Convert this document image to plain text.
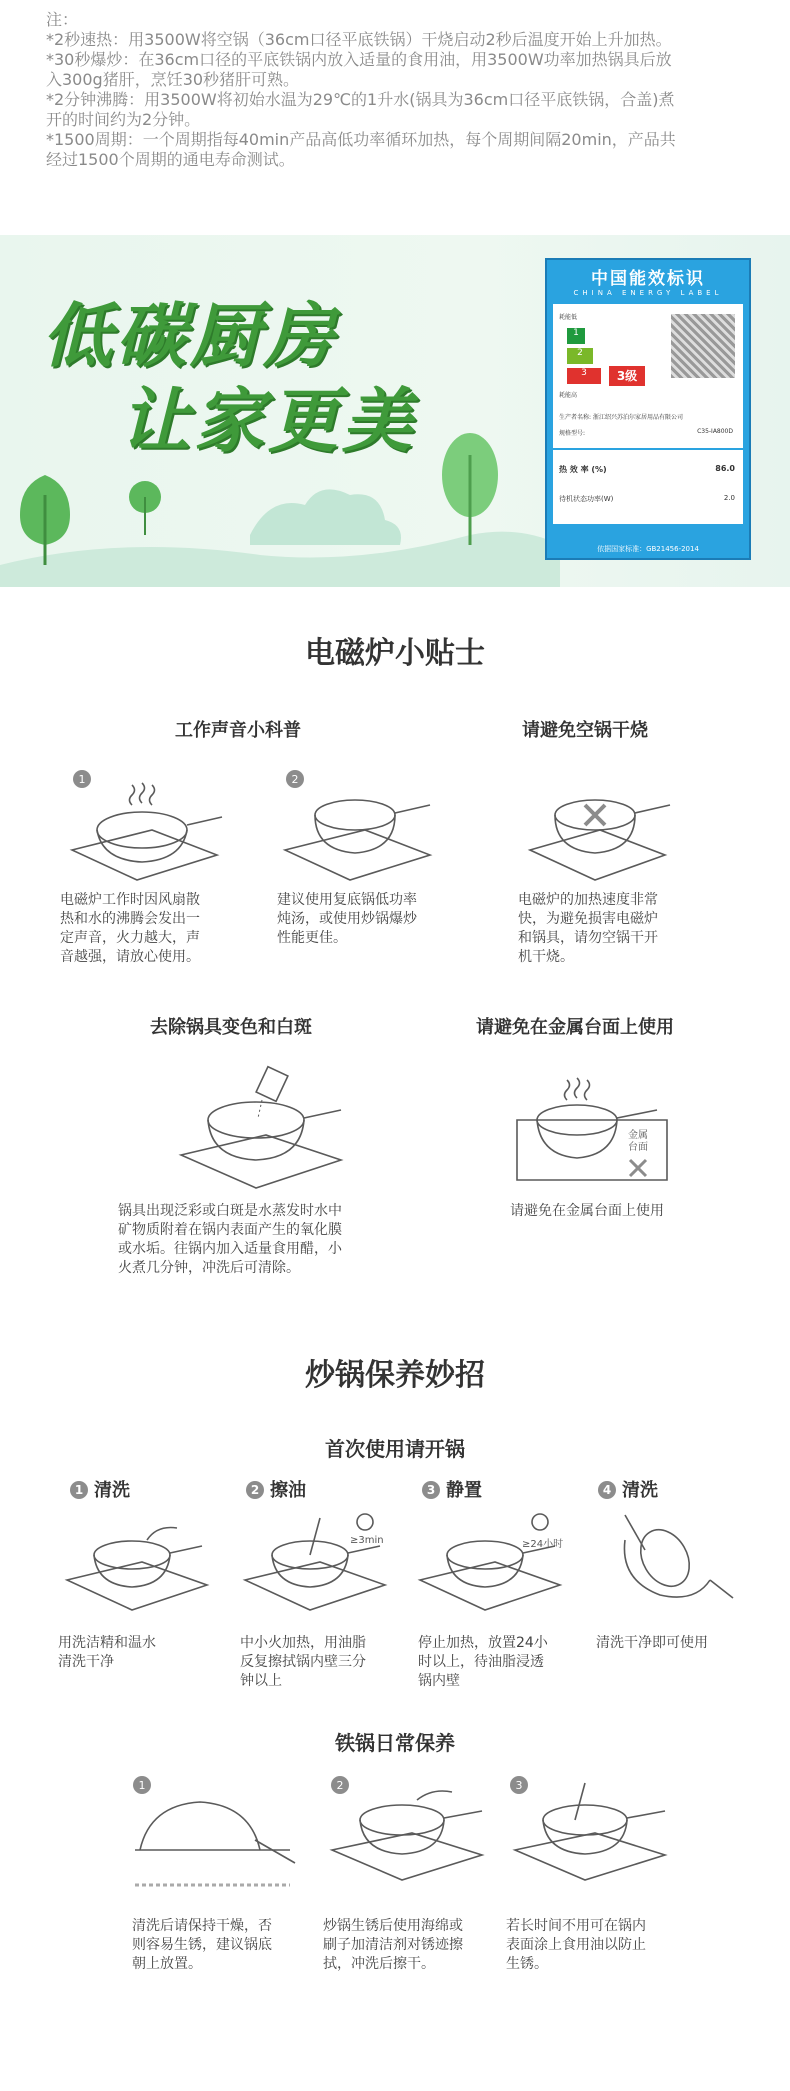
注：

*2秒速热：用3500W将空锅（36cm口径平底铁锅）干烧启动2秒后温度开始上升加热。

*30秒爆炒：在36cm口径的平底铁锅内放入适量的食用油，用3500W功率加热锅具后放

入300g猪肝，烹饪30秒猪肝可熟。

*2分钟沸腾：用3500W将初始水温为29℃的1升水(锅具为36cm口径平底铁锅，合盖)煮

开的时间约为2分钟。

*1500周期：一个周期指每40min产品高低功率循环加热，每个周期间隔20min，产品共

经过1500个周期的通电寿命测试。

低碳厨房
让家更美
中国能效标识
CHINA ENERGY LABEL
耗能低
1
2
3	3级
耗能高
生产者名称: 浙江绍兴苏泊尔家居用品有限公司
规格型号:	C35-IA800D
热 效 率 (%)	86.0
待机状态功率(W)	2.0
依据国家标准：GB21456-2014
电磁炉小贴士
工作声音小科普	请避免空锅干烧
1	2
电磁炉工作时因风扇散
热和水的沸腾会发出一
定声音，火力越大，声
音越强，请放心使用。
建议使用复底锅低功率
炖汤，或使用炒锅爆炒
性能更佳。
电磁炉的加热速度非常
快，为避免损害电磁炉
和锅具，请勿空锅干开
机干烧。
去除锅具变色和白斑	请避免在金属台面上使用
金属台面
锅具出现泛彩或白斑是水蒸发时水中
矿物质附着在锅内表面产生的氧化膜
或水垢。往锅内加入适量食用醋，小
火煮几分钟，冲洗后可清除。
请避免在金属台面上使用
炒锅保养妙招
首次使用请开锅
1 清洗	2 擦油	3 静置	4 清洗
≥3min	≥24小时
用洗洁精和温水
清洗干净
中小火加热，用油脂
反复擦拭锅内壁三分
钟以上
停止加热，放置24小
时以上，待油脂浸透
锅内壁
清洗干净即可使用
铁锅日常保养
1	2	3
清洗后请保持干燥，否
则容易生锈，建议锅底
朝上放置。
炒锅生锈后使用海绵或
刷子加清洁剂对锈迹擦
拭，冲洗后擦干。
若长时间不用可在锅内
表面涂上食用油以防止
生锈。
